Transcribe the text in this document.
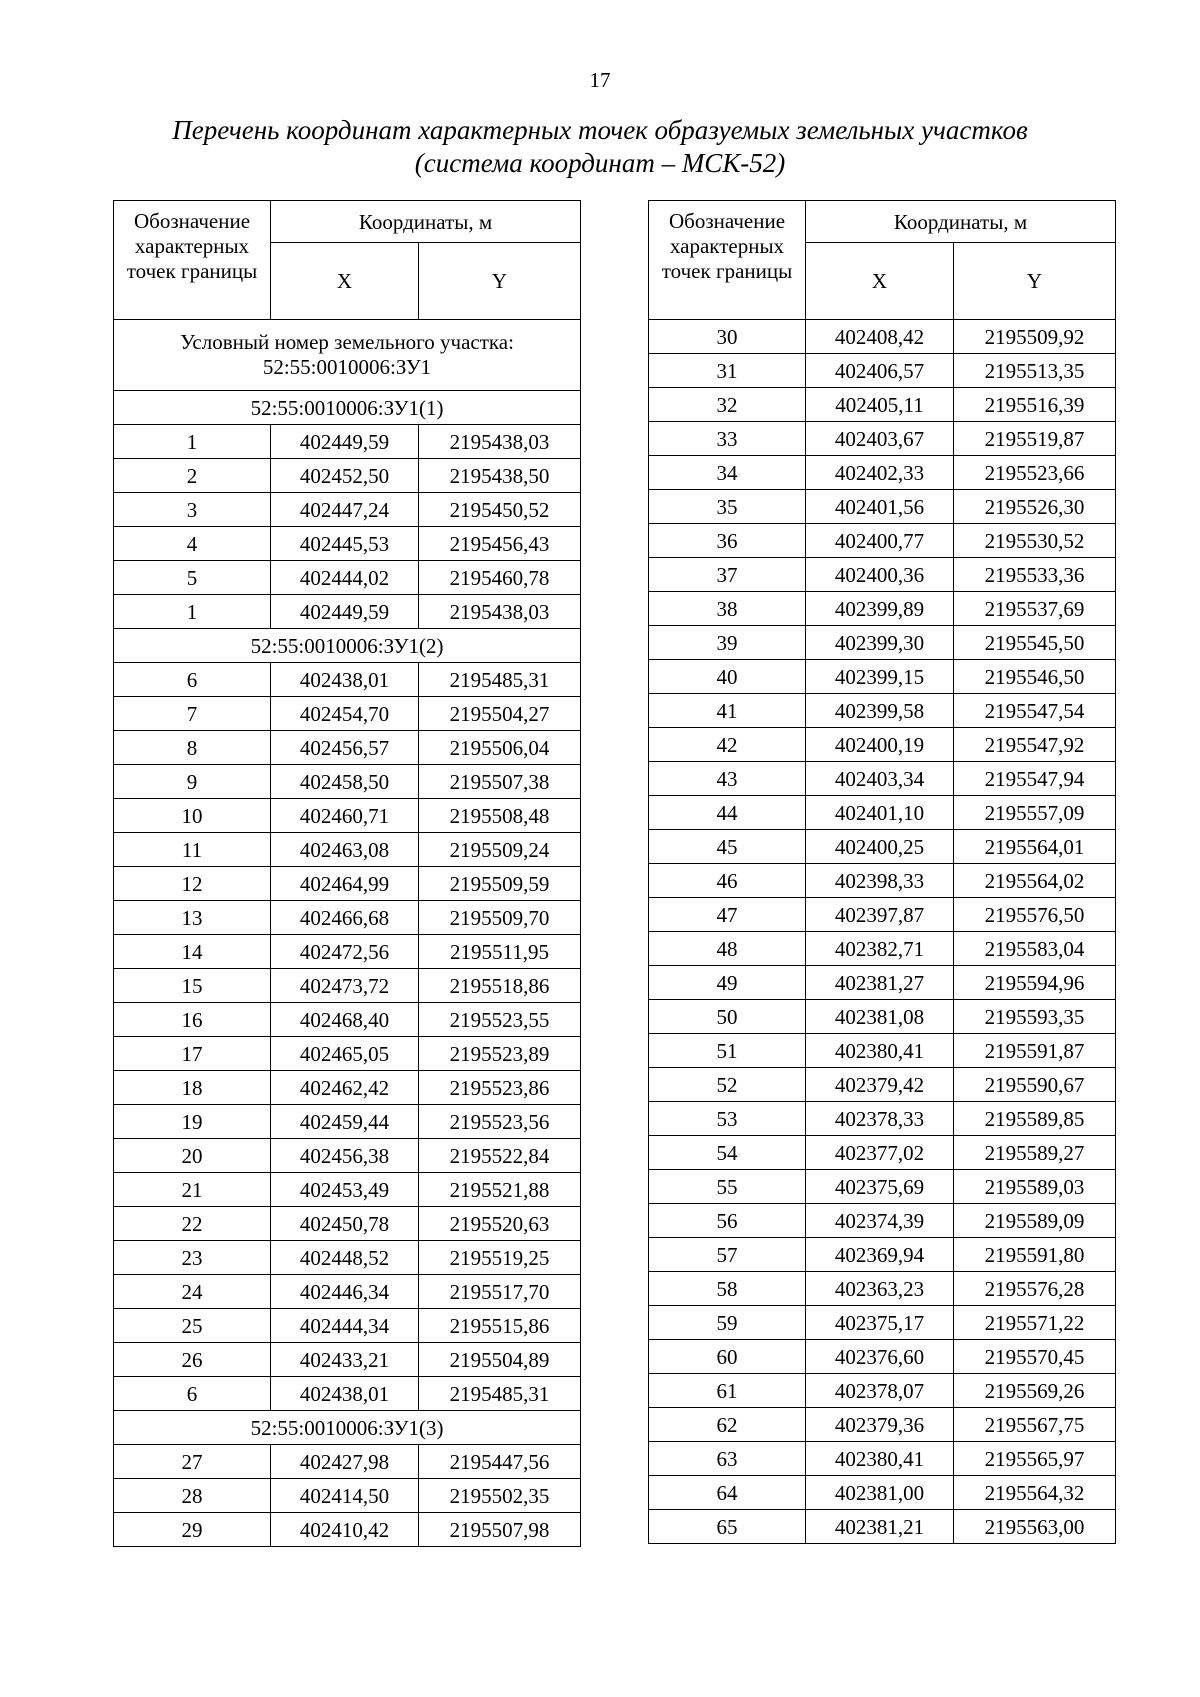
17
Перечень координат характерных точек образуемых земельных участков
(система координат – МСК-52)
Обозначение характерных точек границы	Координаты, м	
	X	Y
Условный номер земельного участка: 52:55:0010006:ЗУ1		
52:55:0010006:ЗУ1(1)		
1	402449,59	2195438,03
2	402452,50	2195438,50
3	402447,24	2195450,52
4	402445,53	2195456,43
5	402444,02	2195460,78
1	402449,59	2195438,03
52:55:0010006:ЗУ1(2)		
6	402438,01	2195485,31
7	402454,70	2195504,27
8	402456,57	2195506,04
9	402458,50	2195507,38
10	402460,71	2195508,48
11	402463,08	2195509,24
12	402464,99	2195509,59
13	402466,68	2195509,70
14	402472,56	2195511,95
15	402473,72	2195518,86
16	402468,40	2195523,55
17	402465,05	2195523,89
18	402462,42	2195523,86
19	402459,44	2195523,56
20	402456,38	2195522,84
21	402453,49	2195521,88
22	402450,78	2195520,63
23	402448,52	2195519,25
24	402446,34	2195517,70
25	402444,34	2195515,86
26	402433,21	2195504,89
6	402438,01	2195485,31
52:55:0010006:ЗУ1(3)		
27	402427,98	2195447,56
28	402414,50	2195502,35
29	402410,42	2195507,98
Обозначение характерных точек границы	Координаты, м	
	X	Y
30	402408,42	2195509,92
31	402406,57	2195513,35
32	402405,11	2195516,39
33	402403,67	2195519,87
34	402402,33	2195523,66
35	402401,56	2195526,30
36	402400,77	2195530,52
37	402400,36	2195533,36
38	402399,89	2195537,69
39	402399,30	2195545,50
40	402399,15	2195546,50
41	402399,58	2195547,54
42	402400,19	2195547,92
43	402403,34	2195547,94
44	402401,10	2195557,09
45	402400,25	2195564,01
46	402398,33	2195564,02
47	402397,87	2195576,50
48	402382,71	2195583,04
49	402381,27	2195594,96
50	402381,08	2195593,35
51	402380,41	2195591,87
52	402379,42	2195590,67
53	402378,33	2195589,85
54	402377,02	2195589,27
55	402375,69	2195589,03
56	402374,39	2195589,09
57	402369,94	2195591,80
58	402363,23	2195576,28
59	402375,17	2195571,22
60	402376,60	2195570,45
61	402378,07	2195569,26
62	402379,36	2195567,75
63	402380,41	2195565,97
64	402381,00	2195564,32
65	402381,21	2195563,00
